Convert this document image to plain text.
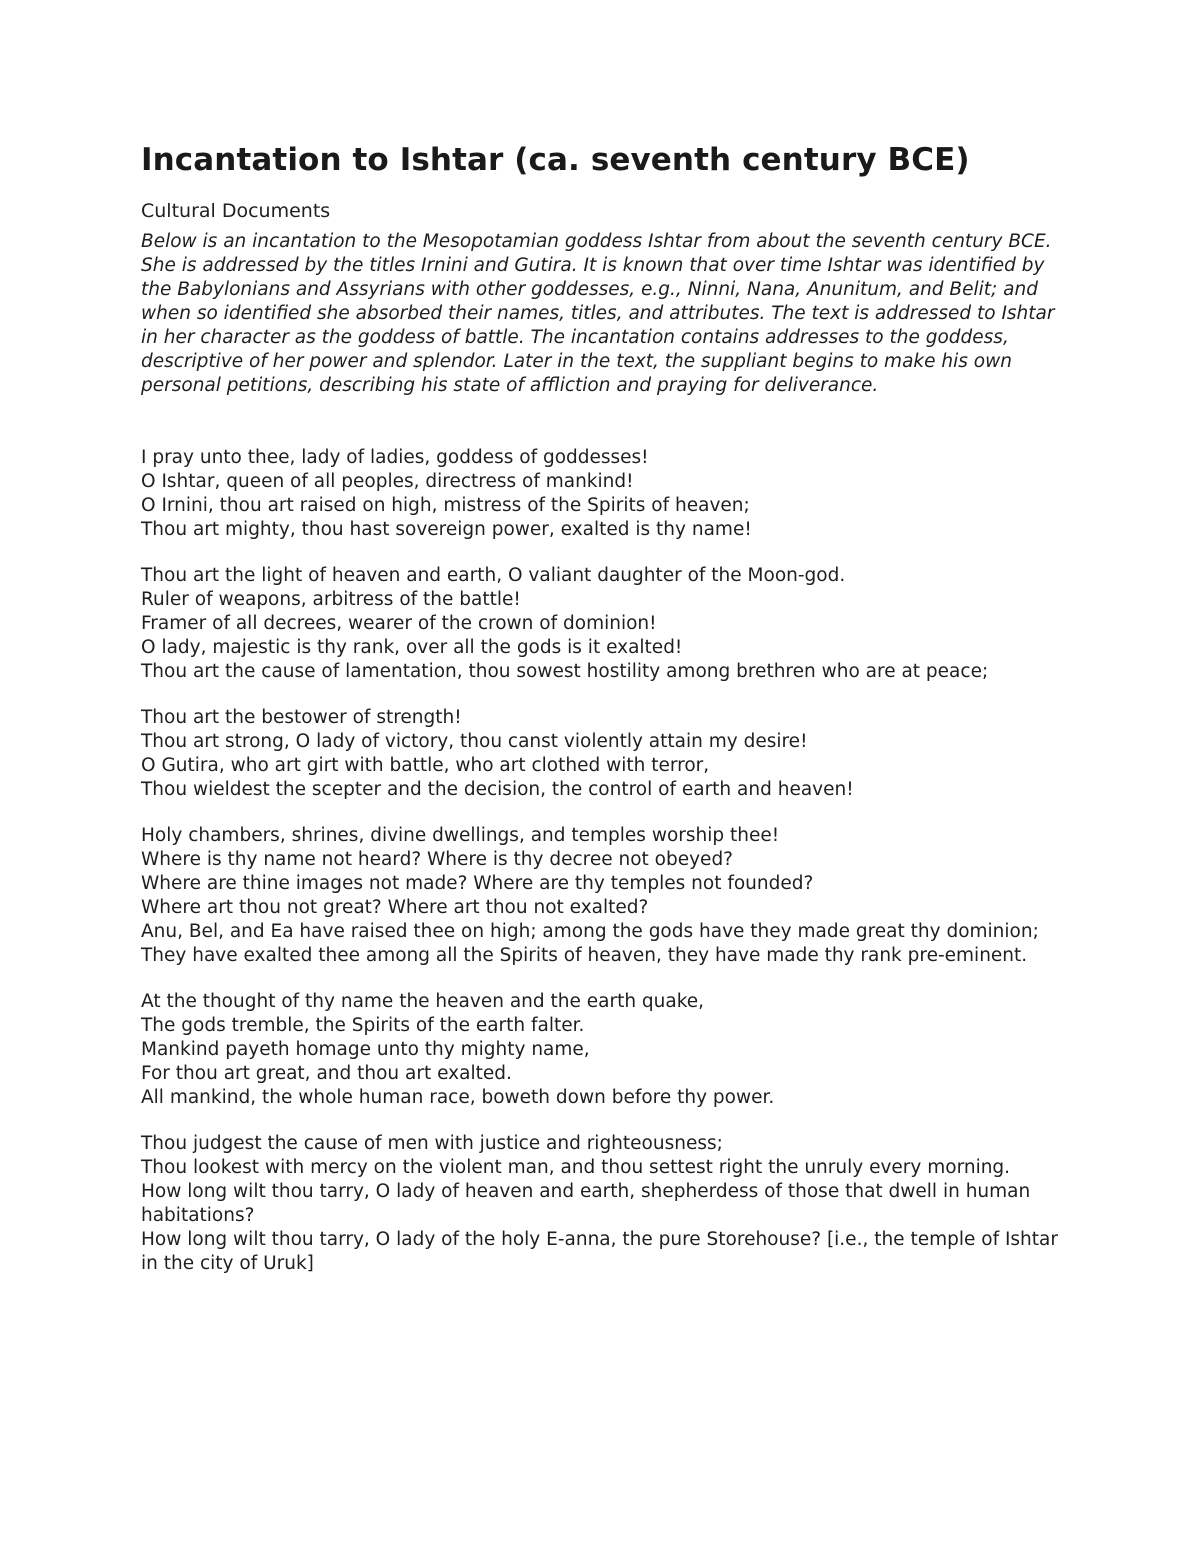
Incantation to Ishtar (ca. seventh century BCE)
Cultural Documents

Below is an incantation to the Mesopotamian goddess Ishtar from about the seventh century BCE. She is addressed by the titles Irnini and Gutira. It is known that over time Ishtar was identified by the Babylonians and Assyrians with other goddesses, e.g., Ninni, Nana, Anunitum, and Belit; and when so identified she absorbed their names, titles, and attributes. The text is addressed to Ishtar in her character as the goddess of battle. The incantation contains addresses to the goddess, descriptive of her power and splendor. Later in the text, the suppliant begins to make his own personal petitions, describing his state of affliction and praying for deliverance.

I pray unto thee, lady of ladies, goddess of goddesses!
O Ishtar, queen of all peoples, directress of mankind!
O Irnini, thou art raised on high, mistress of the Spirits of heaven;
Thou art mighty, thou hast sovereign power, exalted is thy name!
Thou art the light of heaven and earth, O valiant daughter of the Moon-god.
Ruler of weapons, arbitress of the battle!
Framer of all decrees, wearer of the crown of dominion!
O lady, majestic is thy rank, over all the gods is it exalted!
Thou art the cause of lamentation, thou sowest hostility among brethren who are at peace;
Thou art the bestower of strength!
Thou art strong, O lady of victory, thou canst violently attain my desire!
O Gutira, who art girt with battle, who art clothed with terror,
Thou wieldest the scepter and the decision, the control of earth and heaven!
Holy chambers, shrines, divine dwellings, and temples worship thee!
Where is thy name not heard? Where is thy decree not obeyed?
Where are thine images not made? Where are thy temples not founded?
Where art thou not great? Where art thou not exalted?
Anu, Bel, and Ea have raised thee on high; among the gods have they made great thy dominion;
They have exalted thee among all the Spirits of heaven, they have made thy rank pre-eminent.
At the thought of thy name the heaven and the earth quake,
The gods tremble, the Spirits of the earth falter.
Mankind payeth homage unto thy mighty name,
For thou art great, and thou art exalted.
All mankind, the whole human race, boweth down before thy power.
Thou judgest the cause of men with justice and righteousness;
Thou lookest with mercy on the violent man, and thou settest right the unruly every morning.
How long wilt thou tarry, O lady of heaven and earth, shepherdess of those that dwell in human habitations?
How long wilt thou tarry, O lady of the holy E-anna, the pure Storehouse? [i.e., the temple of Ishtar in the city of Uruk]
